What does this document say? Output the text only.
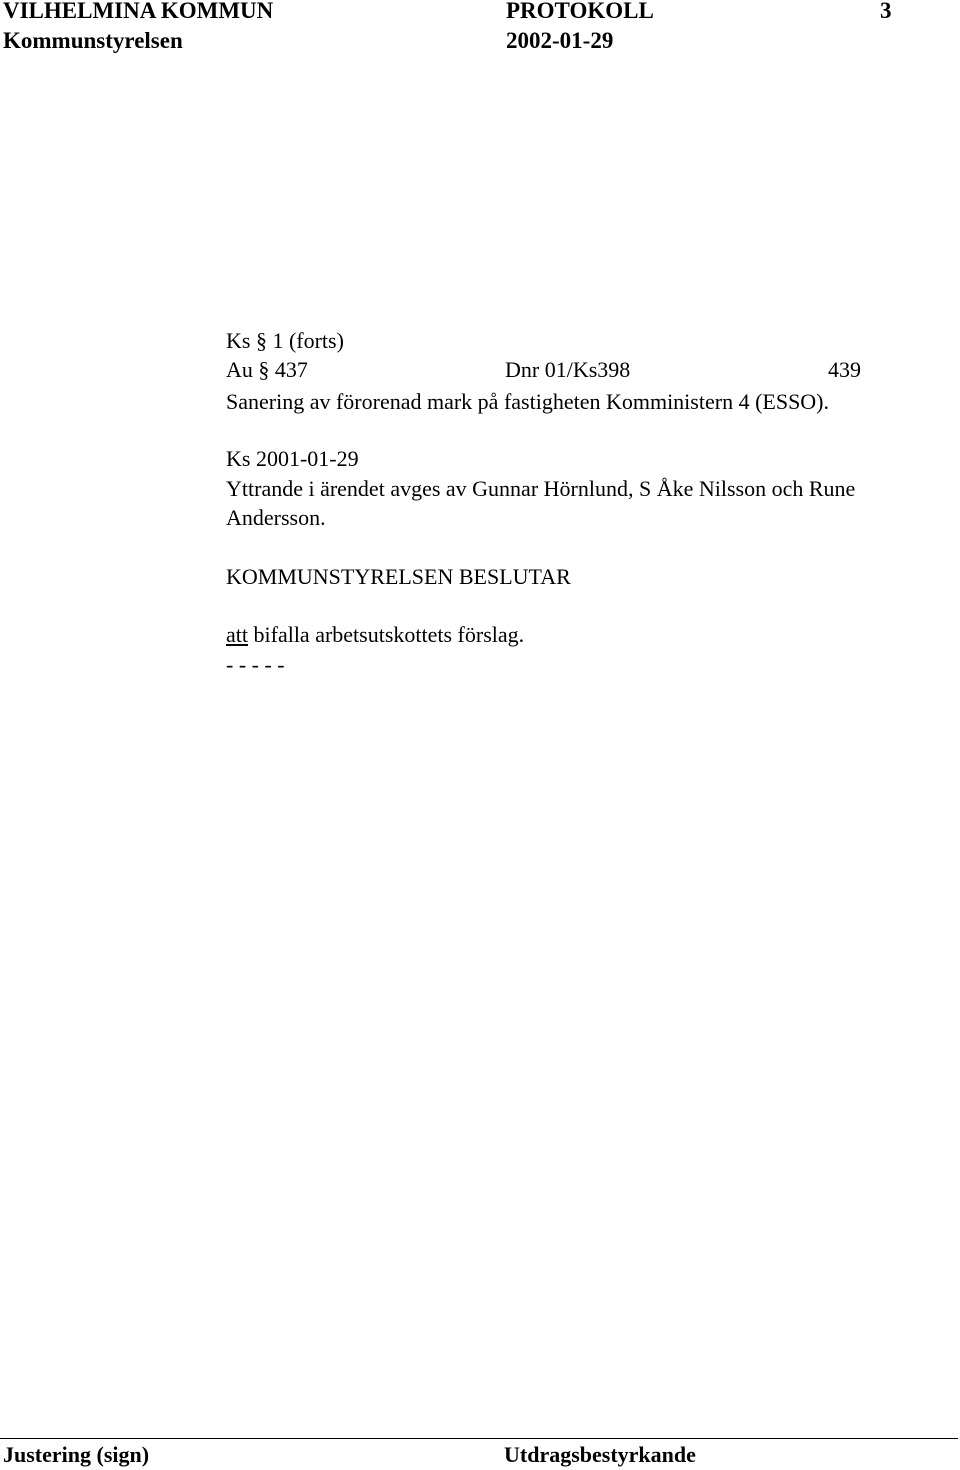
VILHELMINA KOMMUN	PROTOKOLL	3
Kommunstyrelsen	2002-01-29
Ks § 1 (forts)
Au § 437	Dnr 01/Ks398	439
Sanering av förorenad mark på fastigheten Komministern 4 (ESSO).
Ks 2001-01-29
Yttrande i ärendet avges av Gunnar Hörnlund, S Åke Nilsson och Rune
Andersson.
KOMMUNSTYRELSEN BESLUTAR
att bifalla arbetsutskottets förslag.
- - - - -
Justering (sign)	Utdragsbestyrkande
